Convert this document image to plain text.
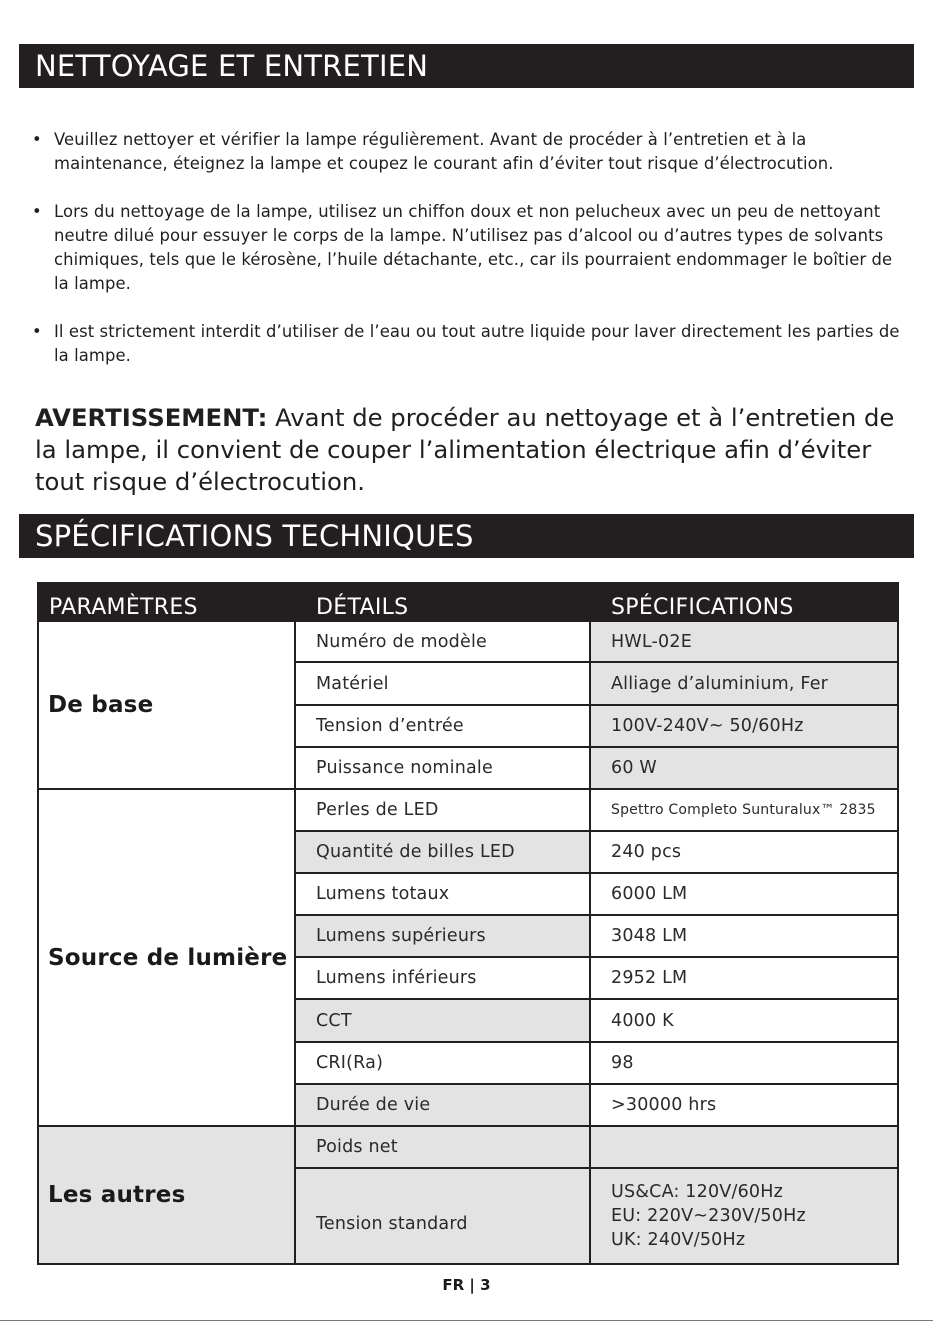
NETTOYAGE ET ENTRETIEN
• Veuillez nettoyer et vérifier la lampe régulièrement. Avant de procéder à l’entretien et à la maintenance, éteignez la lampe et coupez le courant afin d’éviter tout risque d’électrocution.
• Lors du nettoyage de la lampe, utilisez un chiffon doux et non pelucheux avec un peu de nettoyant neutre dilué pour essuyer le corps de la lampe. N’utilisez pas d’alcool ou d’autres types de solvants chimiques, tels que le kérosène, l’huile détachante, etc., car ils pourraient endommager le boîtier de la lampe.
• Il est strictement interdit d’utiliser de l’eau ou tout autre liquide pour laver directement les parties de la lampe.
AVERTISSEMENT: Avant de procéder au nettoyage et à l’entretien de la lampe, il convient de couper l’alimentation électrique afin d’éviter tout risque d’électrocution.
SPÉCIFICATIONS TECHNIQUES
PARAMÈTRES	DÉTAILS	SPÉCIFICATIONS
De base	Numéro de modèle	HWL-02E
	Matériel	Alliage d’aluminium, Fer
	Tension d’entrée	100V-240V~ 50/60Hz
	Puissance nominale	60 W
Source de lumière	Perles de LED	Spettro Completo Sunturalux™ 2835
	Quantité de billes LED	240 pcs
	Lumens totaux	6000 LM
	Lumens supérieurs	3048 LM
	Lumens inférieurs	2952 LM
	CCT	4000 K
	CRI(Ra)	98
	Durée de vie	>30000 hrs
Les autres	Poids net	
	Tension standard	US&CA: 120V/60Hz
EU: 220V~230V/50Hz
UK: 240V/50Hz
FR | 3
